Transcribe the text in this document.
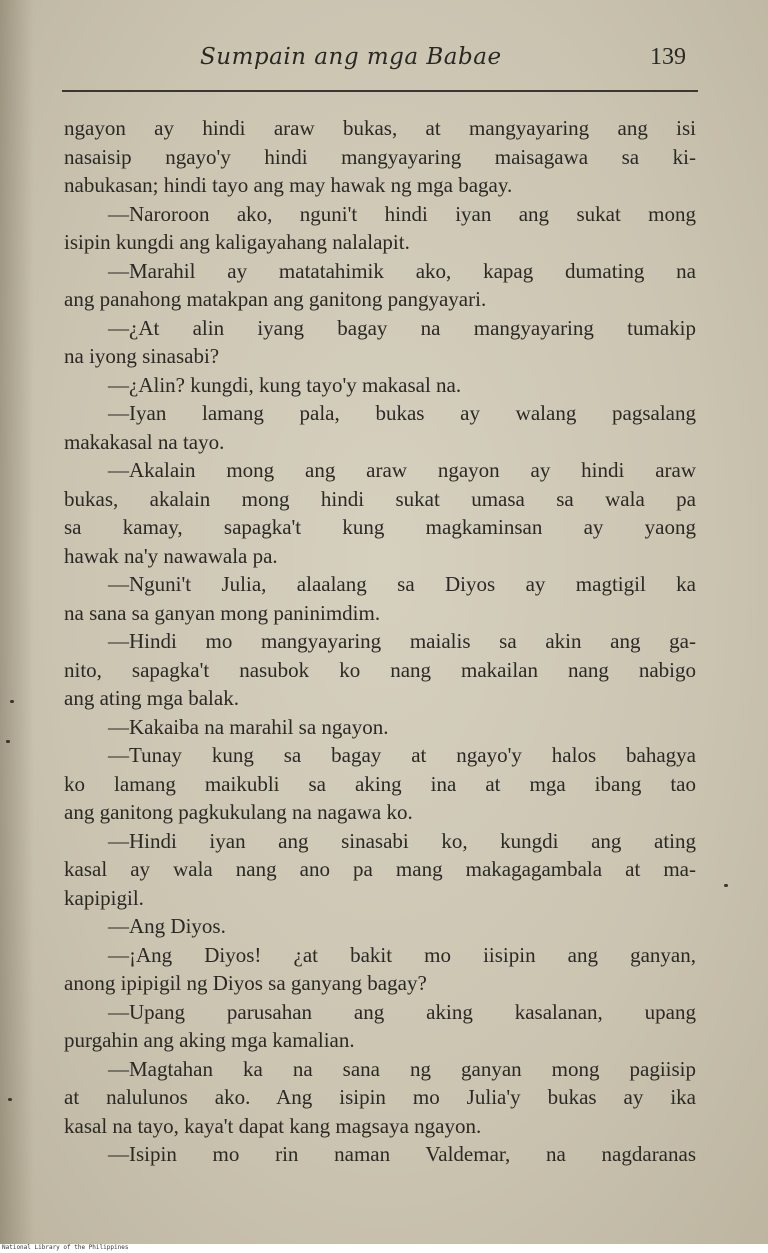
Sumpain ang mga Babae	139
ngayon ay hindi araw bukas, at mangyayaring ang isi
nasaisip ngayo'y hindi mangyayaring maisagawa sa ki-
nabukasan; hindi tayo ang may hawak ng mga bagay.
—Naroroon ako, nguni't hindi iyan ang sukat mong
isipin kungdi ang kaligayahang nalalapit.
—Marahil ay matatahimik ako, kapag dumating na
ang panahong matakpan ang ganitong pangyayari.
—¿At alin iyang bagay na mangyayaring tumakip
na iyong sinasabi?
—¿Alin? kungdi, kung tayo'y makasal na.
—Iyan lamang pala, bukas ay walang pagsalang
makakasal na tayo.
—Akalain mong ang araw ngayon ay hindi araw
bukas, akalain mong hindi sukat umasa sa wala pa
sa kamay, sapagka't kung magkaminsan ay yaong
hawak na'y nawawala pa.
—Nguni't Julia, alaalang sa Diyos ay magtigil ka
na sana sa ganyan mong paninimdim.
—Hindi mo mangyayaring maialis sa akin ang ga-
nito, sapagka't nasubok ko nang makailan nang nabigo
ang ating mga balak.
—Kakaiba na marahil sa ngayon.
—Tunay kung sa bagay at ngayo'y halos bahagya
ko lamang maikubli sa aking ina at mga ibang tao
ang ganitong pagkukulang na nagawa ko.
—Hindi iyan ang sinasabi ko, kungdi ang ating
kasal ay wala nang ano pa mang makagagambala at ma-
kapipigil.
—Ang Diyos.
—¡Ang Diyos! ¿at bakit mo iisipin ang ganyan,
anong ipipigil ng Diyos sa ganyang bagay?
—Upang parusahan ang aking kasalanan, upang
purgahin ang aking mga kamalian.
—Magtahan ka na sana ng ganyan mong pagiisip
at nalulunos ako. Ang isipin mo Julia'y bukas ay ika
kasal na tayo, kaya't dapat kang magsaya ngayon.
—Isipin mo rin naman Valdemar, na nagdaranas
National Library of the Philippines
